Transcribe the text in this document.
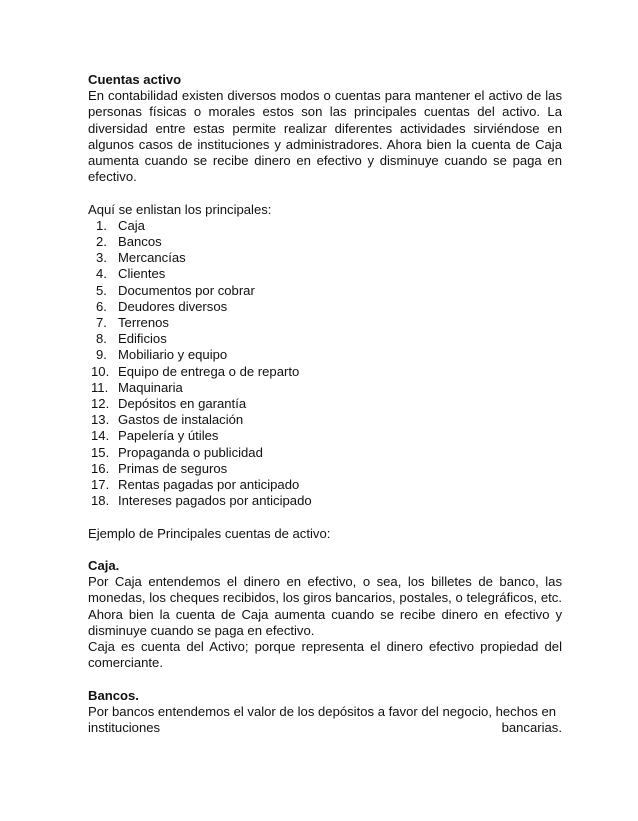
Cuentas activo

En contabilidad existen diversos modos o cuentas para mantener el activo de las personas físicas o morales estos son las principales cuentas del activo. La diversidad entre estas permite realizar diferentes actividades sirviéndose en algunos casos de instituciones y administradores. Ahora bien la cuenta de Caja aumenta cuando se recibe dinero en efectivo y disminuye cuando se paga en efectivo.

Aquí se enlistan los principales:

1. Caja
2. Bancos
3. Mercancías
4. Clientes
5. Documentos por cobrar
6. Deudores diversos
7. Terrenos
8. Edificios
9. Mobiliario y equipo
10. Equipo de entrega o de reparto
11. Maquinaria
12. Depósitos en garantía
13. Gastos de instalación
14. Papelería y útiles
15. Propaganda o publicidad
16. Primas de seguros
17. Rentas pagadas por anticipado
18. Intereses pagados por anticipado

Ejemplo de Principales cuentas de activo:

Caja.

Por Caja entendemos el dinero en efectivo, o sea, los billetes de banco, las monedas, los cheques recibidos, los giros bancarios, postales, o telegráficos, etc. Ahora bien la cuenta de Caja aumenta cuando se recibe dinero en efectivo y disminuye cuando se paga en efectivo.

Caja es cuenta del Activo; porque representa el dinero efectivo propiedad del comerciante.

Bancos.

Por bancos entendemos el valor de los depósitos a favor del negocio, hechos en

instituciones	bancarias.
